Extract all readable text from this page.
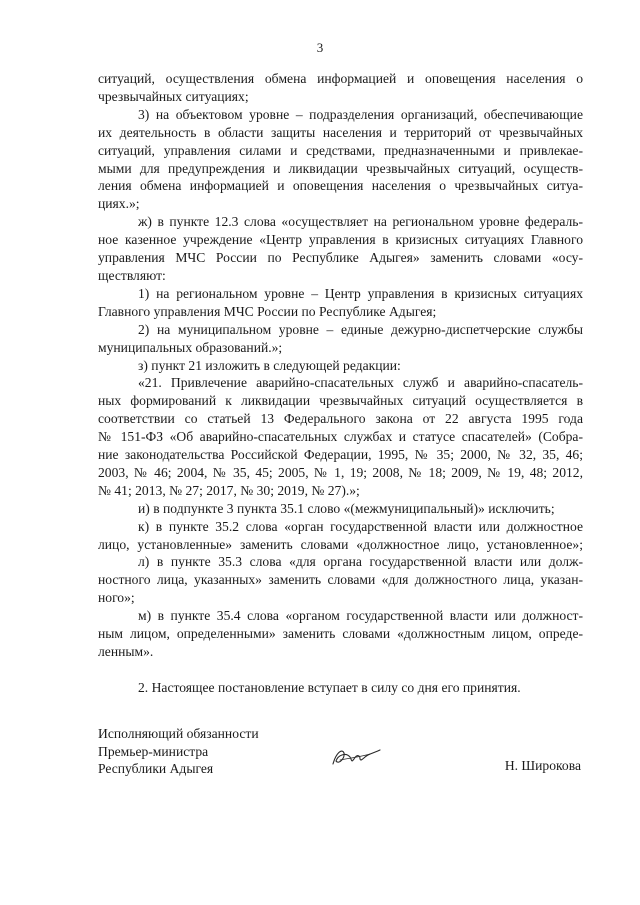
3
ситуаций, осуществления обмена информацией и оповещения населения о
чрезвычайных ситуациях;
3) на объектовом уровне – подразделения организаций, обеспечивающие
их деятельность в области защиты населения и территорий от чрезвычайных
ситуаций, управления силами и средствами, предназначенными и привлекае-
мыми для предупреждения и ликвидации чрезвычайных ситуаций, осуществ-
ления обмена информацией и оповещения населения о чрезвычайных ситуа-
циях.»;
ж) в пункте 12.3 слова «осуществляет на региональном уровне федераль-
ное казенное учреждение «Центр управления в кризисных ситуациях Главного
управления МЧС России по Республике Адыгея» заменить словами «осу-
ществляют:
1) на региональном уровне – Центр управления в кризисных ситуациях
Главного управления МЧС России по Республике Адыгея;
2) на муниципальном уровне – единые дежурно-диспетчерские службы
муниципальных образований.»;
з) пункт 21 изложить в следующей редакции:
«21. Привлечение аварийно-спасательных служб и аварийно-спасатель-
ных формирований к ликвидации чрезвычайных ситуаций осуществляется в
соответствии со статьей 13 Федерального закона от 22 августа 1995 года
№ 151-ФЗ «Об аварийно-спасательных службах и статусе спасателей» (Собра-
ние законодательства Российской Федерации, 1995, № 35; 2000, № 32, 35, 46;
2003, № 46; 2004, № 35, 45; 2005, № 1, 19; 2008, № 18; 2009, № 19, 48; 2012,
№ 41; 2013, № 27; 2017, № 30; 2019, № 27).»;
и) в подпункте 3 пункта 35.1 слово «(межмуниципальный)» исключить;
к) в пункте 35.2 слова «орган государственной власти или должностное
лицо, установленные» заменить словами «должностное лицо, установленное»;
л) в пункте 35.3 слова «для органа государственной власти или долж-
ностного лица, указанных» заменить словами «для должностного лица, указан-
ного»;
м) в пункте 35.4 слова «органом государственной власти или должност-
ным лицом, определенными» заменить словами «должностным лицом, опреде-
ленным».
2. Настоящее постановление вступает в силу со дня его принятия.
Исполняющий обязанности
Премьер-министра
Республики Адыгея	Н. Широкова
